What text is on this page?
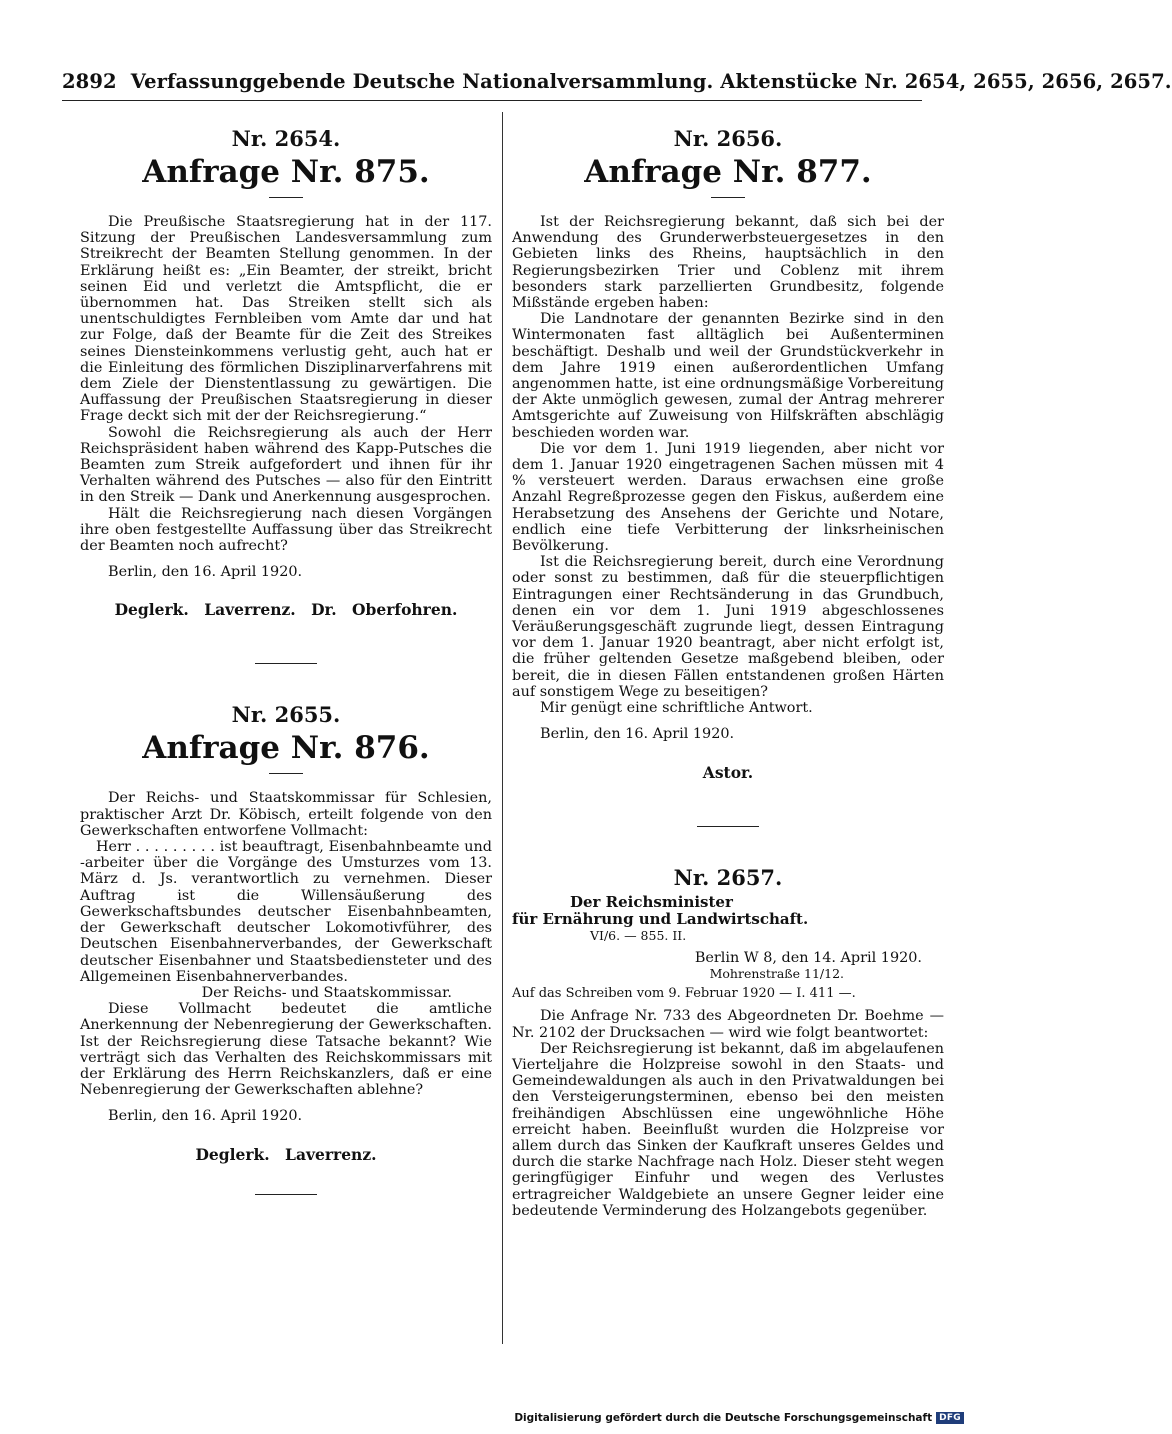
2892 Verfassunggebende Deutsche Nationalversammlung. Aktenstücke Nr. 2654, 2655, 2656, 2657.
Nr. 2654.
Anfrage Nr. 875.

Die Preußische Staatsregierung hat in der 117. Sitzung der Preußischen Landesversammlung zum Streikrecht der Beamten Stellung genommen. In der Erklärung heißt es: „Ein Beamter, der streikt, bricht seinen Eid und verletzt die Amtspflicht, die er übernommen hat. Das Streiken stellt sich als unentschuldigtes Fernbleiben vom Amte dar und hat zur Folge, daß der Beamte für die Zeit des Streikes seines Diensteinkommens verlustig geht, auch hat er die Einleitung des förmlichen Disziplinarverfahrens mit dem Ziele der Dienstentlassung zu gewärtigen. Die Auffassung der Preußischen Staatsregierung in dieser Frage deckt sich mit der der Reichsregierung.“

Sowohl die Reichsregierung als auch der Herr Reichspräsident haben während des Kapp-Putsches die Beamten zum Streik aufgefordert und ihnen für ihr Verhalten während des Putsches — also für den Eintritt in den Streik — Dank und Anerkennung ausgesprochen.

Hält die Reichsregierung nach diesen Vorgängen ihre oben festgestellte Auffassung über das Streikrecht der Beamten noch aufrecht?

Berlin, den 16. April 1920.

Deglerk. Laverrenz. Dr. Oberfohren.
Nr. 2655.
Anfrage Nr. 876.

Der Reichs- und Staatskommissar für Schlesien, praktischer Arzt Dr. Köbisch, erteilt folgende von den Gewerkschaften entworfene Vollmacht:

Herr . . . . . . . . . ist beauftragt, Eisenbahnbeamte und -arbeiter über die Vorgänge des Umsturzes vom 13. März d. Js. verantwortlich zu vernehmen. Dieser Auftrag ist die Willensäußerung des Gewerkschaftsbundes deutscher Eisenbahnbeamten, der Gewerkschaft deutscher Lokomotivführer, des Deutschen Eisenbahnerverbandes, der Gewerkschaft deutscher Eisenbahner und Staatsbediensteter und des Allgemeinen Eisenbahnerverbandes.

Der Reichs- und Staatskommissar.

Diese Vollmacht bedeutet die amtliche Anerkennung der Nebenregierung der Gewerkschaften. Ist der Reichsregierung diese Tatsache bekannt? Wie verträgt sich das Verhalten des Reichskommissars mit der Erklärung des Herrn Reichskanzlers, daß er eine Nebenregierung der Gewerkschaften ablehne?

Berlin, den 16. April 1920.

Deglerk. Laverrenz.
Nr. 2656.
Anfrage Nr. 877.

Ist der Reichsregierung bekannt, daß sich bei der Anwendung des Grunderwerbsteuergesetzes in den Gebieten links des Rheins, hauptsächlich in den Regierungsbezirken Trier und Coblenz mit ihrem besonders stark parzellierten Grundbesitz, folgende Mißstände ergeben haben:

Die Landnotare der genannten Bezirke sind in den Wintermonaten fast alltäglich bei Außenterminen beschäftigt. Deshalb und weil der Grundstückverkehr in dem Jahre 1919 einen außerordentlichen Umfang angenommen hatte, ist eine ordnungsmäßige Vorbereitung der Akte unmöglich gewesen, zumal der Antrag mehrerer Amtsgerichte auf Zuweisung von Hilfskräften abschlägig beschieden worden war.

Die vor dem 1. Juni 1919 liegenden, aber nicht vor dem 1. Januar 1920 eingetragenen Sachen müssen mit 4 % versteuert werden. Daraus erwachsen eine große Anzahl Regreßprozesse gegen den Fiskus, außerdem eine Herabsetzung des Ansehens der Gerichte und Notare, endlich eine tiefe Verbitterung der linksrheinischen Bevölkerung.

Ist die Reichsregierung bereit, durch eine Verordnung oder sonst zu bestimmen, daß für die steuerpflichtigen Eintragungen einer Rechtsänderung in das Grundbuch, denen ein vor dem 1. Juni 1919 abgeschlossenes Veräußerungsgeschäft zugrunde liegt, dessen Eintragung vor dem 1. Januar 1920 beantragt, aber nicht erfolgt ist, die früher geltenden Gesetze maßgebend bleiben, oder bereit, die in diesen Fällen entstandenen großen Härten auf sonstigem Wege zu beseitigen?

Mir genügt eine schriftliche Antwort.

Berlin, den 16. April 1920.

Astor.
Nr. 2657.
Der Reichsminister
für Ernährung und Landwirtschaft.

VI/6. — 855. II.

Berlin W 8, den 14. April 1920.

Mohrenstraße 11/12.

Auf das Schreiben vom 9. Februar 1920 — I. 411 —.

Die Anfrage Nr. 733 des Abgeordneten Dr. Boehme — Nr. 2102 der Drucksachen — wird wie folgt beantwortet:

Der Reichsregierung ist bekannt, daß im abgelaufenen Vierteljahre die Holzpreise sowohl in den Staats- und Gemeindewaldungen als auch in den Privatwaldungen bei den Versteigerungsterminen, ebenso bei den meisten freihändigen Abschlüssen eine ungewöhnliche Höhe erreicht haben. Beeinflußt wurden die Holzpreise vor allem durch das Sinken der Kaufkraft unseres Geldes und durch die starke Nachfrage nach Holz. Dieser steht wegen geringfügiger Einfuhr und wegen des Verlustes ertragreicher Waldgebiete an unsere Gegner leider eine bedeutende Verminderung des Holzangebots gegenüber.

Digitalisierung gefördert durch die Deutsche Forschungsgemeinschaft DFG
